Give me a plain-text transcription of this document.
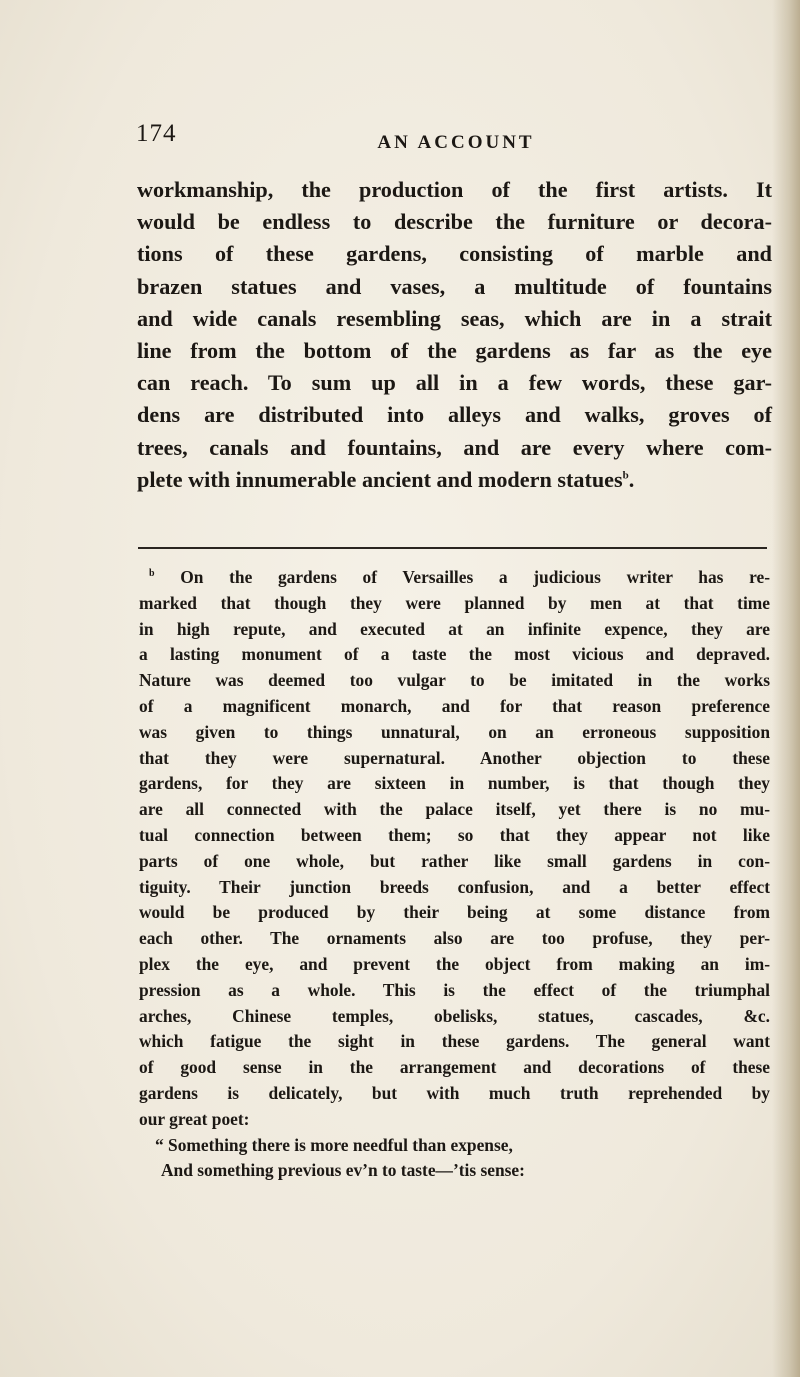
174	AN ACCOUNT
workmanship, the production of the first artists. It
would be endless to describe the furniture or decora-
tions of these gardens, consisting of marble and
brazen statues and vases, a multitude of fountains
and wide canals resembling seas, which are in a strait
line from the bottom of the gardens as far as the eye
can reach. To sum up all in a few words, these gar-
dens are distributed into alleys and walks, groves of
trees, canals and fountains, and are every where com-
plete with innumerable ancient and modern statues$^b$.
$^b$ On the gardens of Versailles a judicious writer has re-
marked that though they were planned by men at that time
in high repute, and executed at an infinite expence, they are
a lasting monument of a taste the most vicious and depraved.
Nature was deemed too vulgar to be imitated in the works
of a magnificent monarch, and for that reason preference
was given to things unnatural, on an erroneous supposition
that they were supernatural. Another objection to these
gardens, for they are sixteen in number, is that though they
are all connected with the palace itself, yet there is no mu-
tual connection between them; so that they appear not like
parts of one whole, but rather like small gardens in con-
tiguity. Their junction breeds confusion, and a better effect
would be produced by their being at some distance from
each other. The ornaments also are too profuse, they per-
plex the eye, and prevent the object from making an im-
pression as a whole. This is the effect of the triumphal
arches, Chinese temples, obelisks, statues, cascades, &c.
which fatigue the sight in these gardens. The general want
of good sense in the arrangement and decorations of these
gardens is delicately, but with much truth reprehended by
our great poet:
“ Something there is more needful than expense,
And something previous ev’n to taste—’tis sense:
